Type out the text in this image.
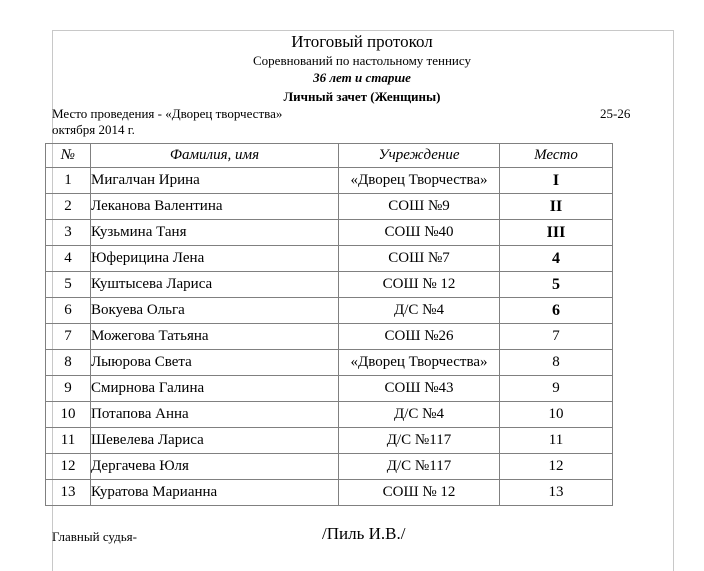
Итоговый протокол
Соревнований по настольному теннису
36 лет и старше
Личный зачет (Женщины)
Место проведения - «Дворец творчества»	25-26
октября 2014 г.
№	Фамилия, имя	Учреждение	Место
1	Мигалчан Ирина	«Дворец Творчества»	I
2	Леканова Валентина	СОШ №9	II
3	Кузьмина Таня	СОШ №40	III
4	Юферицина Лена	СОШ №7	4
5	Куштысева Лариса	СОШ № 12	5
6	Вокуева Ольга	Д/С №4	6
7	Можегова Татьяна	СОШ №26	7
8	Лыюрова Света	«Дворец Творчества»	8
9	Смирнова Галина	СОШ №43	9
10	Потапова Анна	Д/С №4	10
11	Шевелева Лариса	Д/С №117	11
12	Дергачева Юля	Д/С №117	12
13	Куратова Марианна	СОШ № 12	13
Главный судья-	/Пиль И.В./
